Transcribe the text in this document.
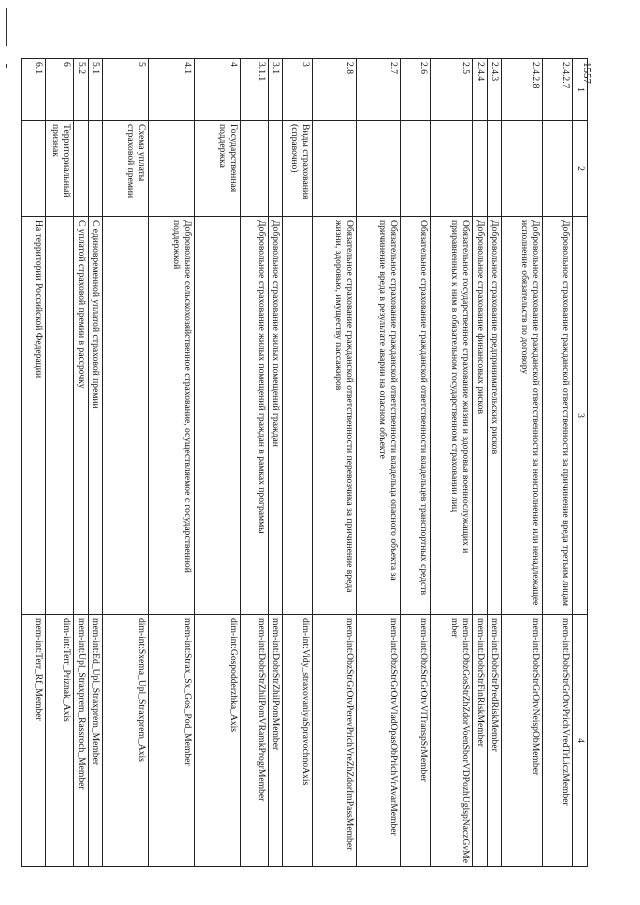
1557
1	2	3	4
2.4.2.7		Добровольное страхование гражданской ответственности за причинение вреда третьим лицам	mem-int:DobrStrGrOtvPrichVredTrLiczMember
2.4.2.8		Добровольное страхование гражданской ответственности за неисполнение или ненадлежащее исполнение обязательств по договору	mem-int:DobrStrGrOtvNeispObMember
2.4.3		Добровольное страхование предпринимательских рисков	mem-int:DobrStrPredRiskMember
2.4.4		Добровольное страхование финансовых рисков	mem-int:DobrStrFinRiskMember
2.5		Обязательное государственное страхование жизни и здоровья военнослужащих и приравненных к ним в обязательном государственном страховании лиц	mem-int:ObzGosStrZhZdorVoenSborVDPozhUglspNaczGvMember
2.6		Обязательное страхование гражданской ответственности владельцев транспортных средств	mem-int:ObzStrGrOtvVlTranspSrMember
2.7		Обязательное страхование гражданской ответственности владельца опасного объекта за причинение вреда в результате аварии на опасном объекте	mem-int:ObzStrGrOtvVladOpasObPrichVrAvarMember
2.8		Обязательное страхование гражданской ответственности перевозчика за причинение вреда жизни, здоровью, имуществу пассажиров	mem-int:ObzStrGrOtvPerevPrichVreZhZdorImPassMember
3	Виды страхования (справочно)		dim-int:Vidy_straxovaniyaSpravochnoAxis
3.1		Добровольное страхование жилых помещений граждан	mem-int:DobrStrZhilPomMember
3.1.1		Добровольное страхование жилых помещений граждан в рамках программы	mem-int:DobrStrZhilPomVRamkProgrMember
4	Государственная поддержка		dim-int:Gospodderzhka_Axis
4.1		Добровольное сельскохозяйственное страхование, осуществляемое с государственной поддержкой	mem-int:Strax_Sx_Gos_Pod_Member
5	Схема уплаты страховой премии		dim-int:Sxema_Upl_Straxprem_Axis
5.1		С единовременной уплатой страховой премии	mem-int:Ed_Upl_Straxprem_Member
5.2		С уплатой страховой премии в рассрочку	mem-int:Upl_Straxprem_Rassroch_Member
6	Территориальный признак		dim-int:Terr_Priznak_Axis
6.1		На территории Российской Федерации	mem-int:Terr_Rf_Member
